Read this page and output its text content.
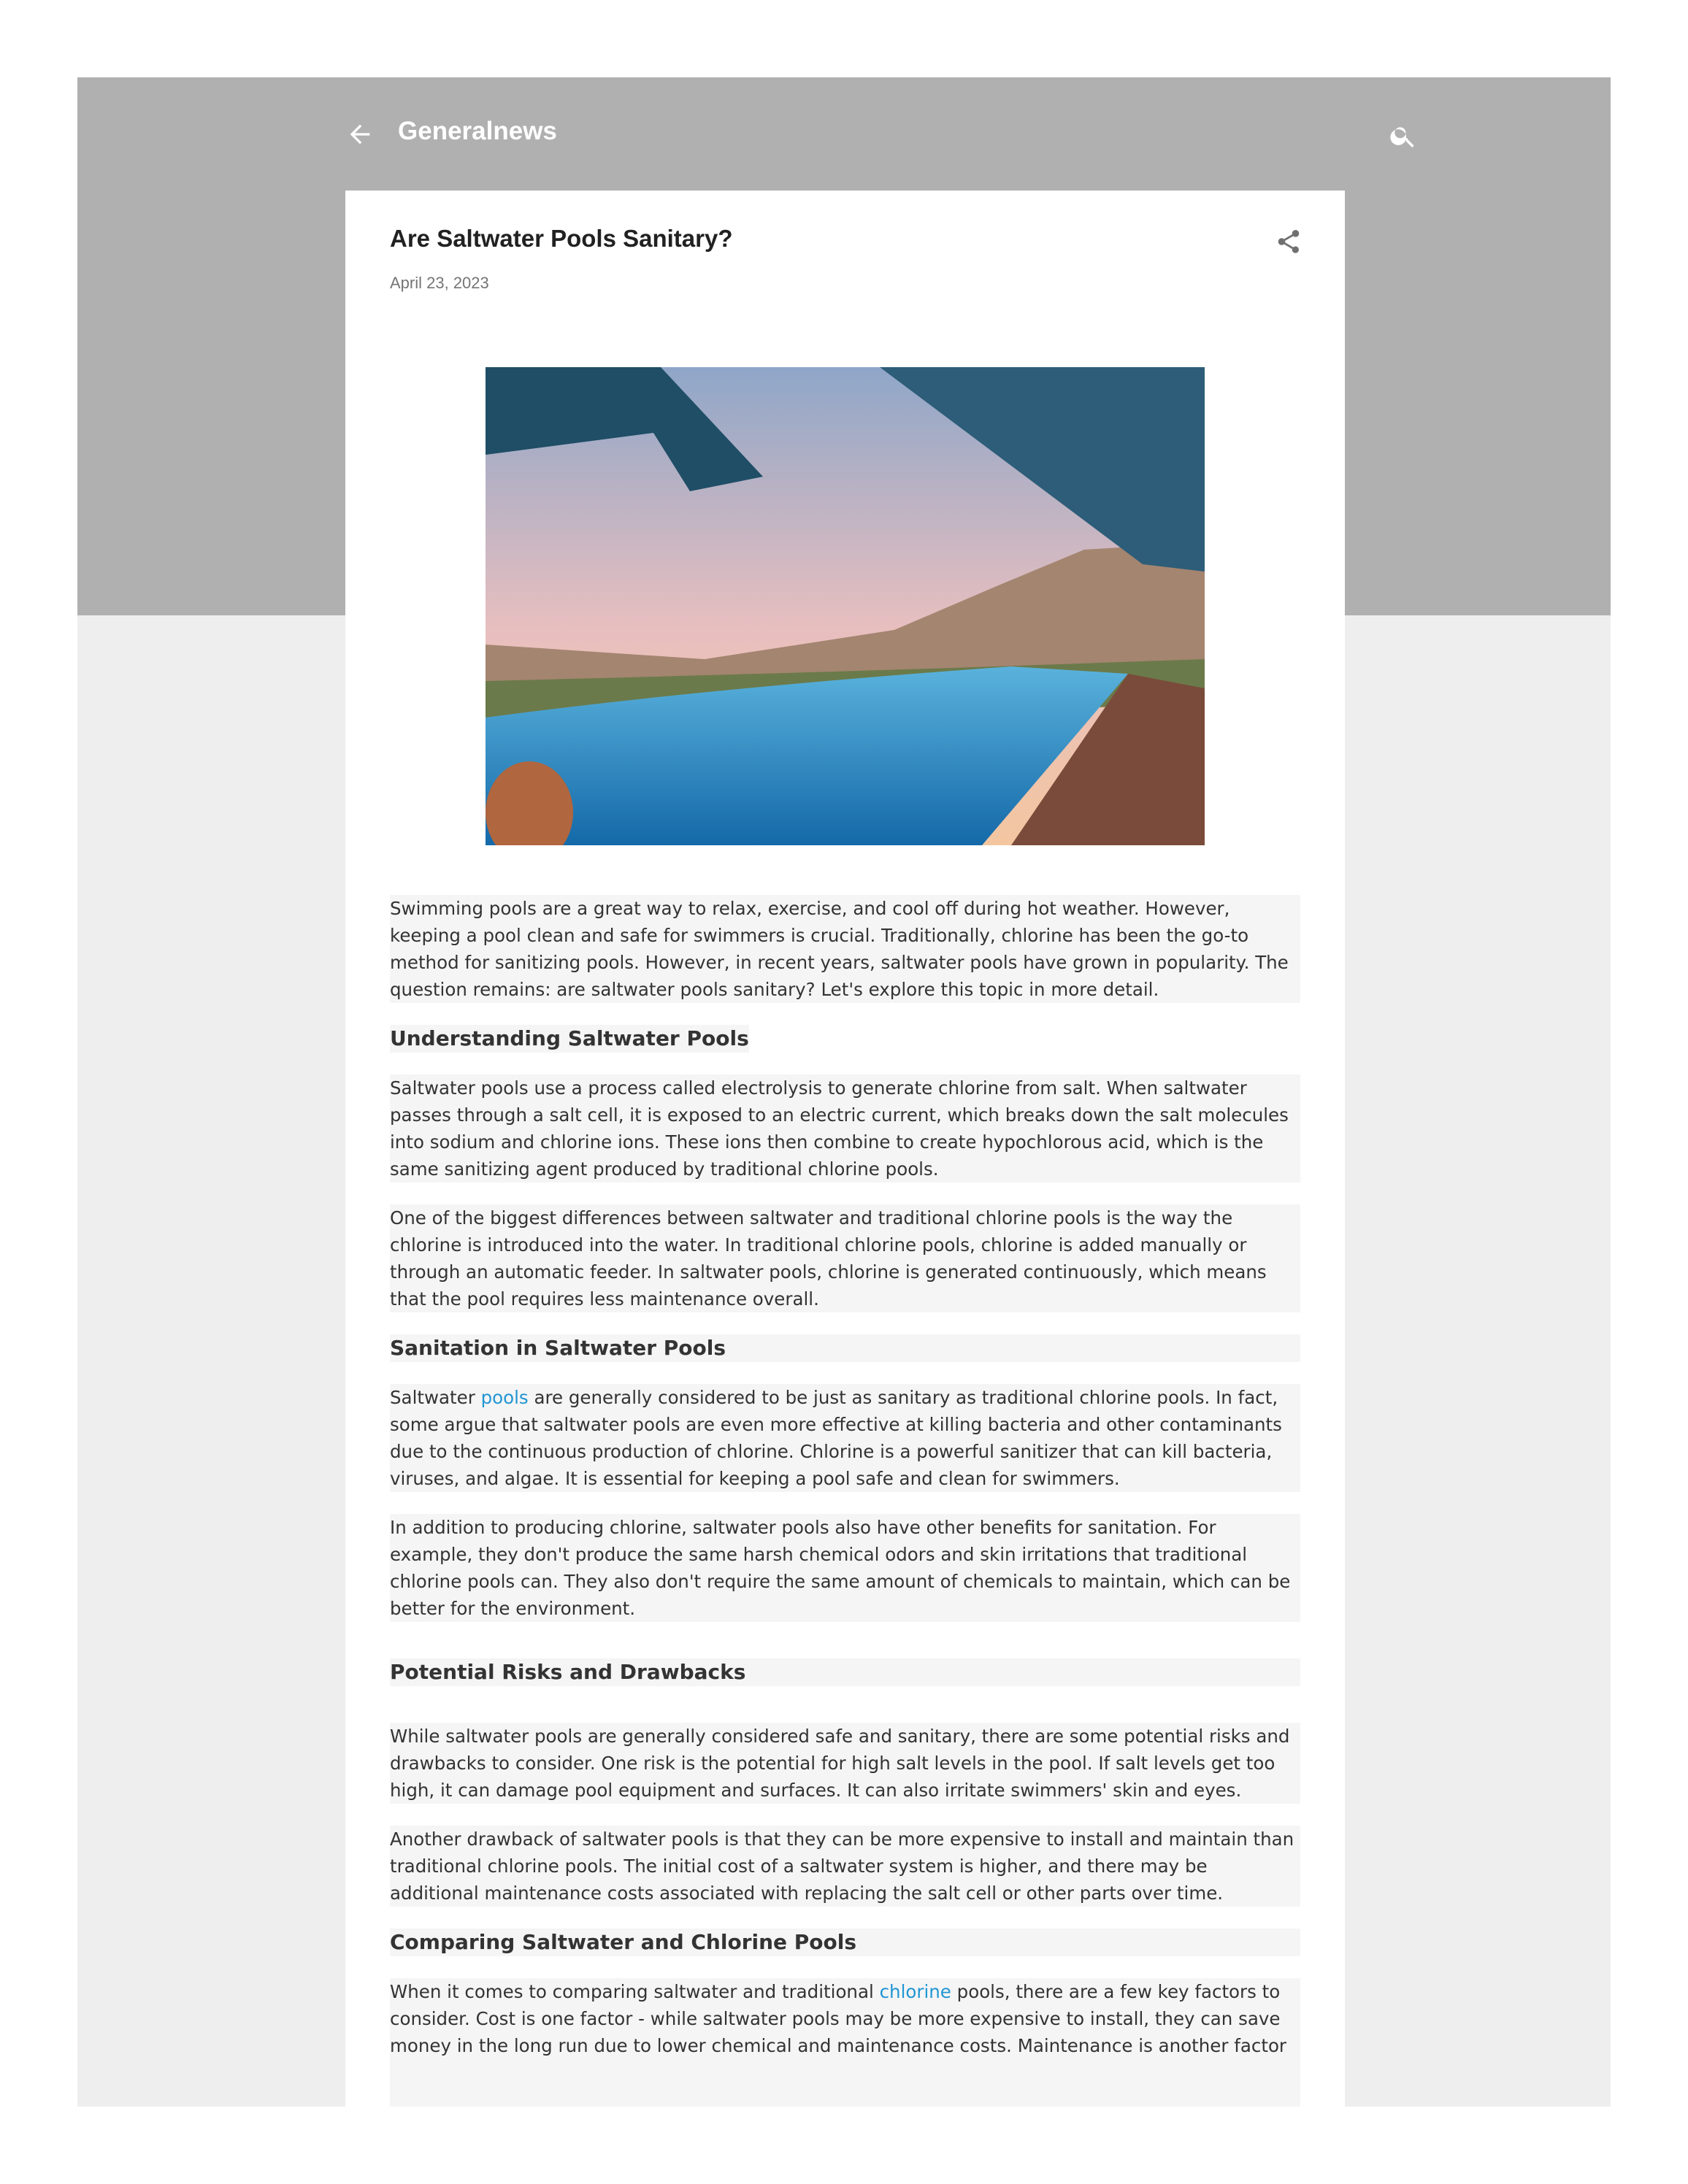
Generalnews
Are Saltwater Pools Sanitary?
April 23, 2023

Swimming pools are a great way to relax, exercise, and cool off during hot weather. However, keeping a pool clean and safe for swimmers is crucial. Traditionally, chlorine has been the go-to method for sanitizing pools. However, in recent years, saltwater pools have grown in popularity. The question remains: are saltwater pools sanitary? Let's explore this topic in more detail.

Understanding Saltwater Pools

Saltwater pools use a process called electrolysis to generate chlorine from salt. When saltwater passes through a salt cell, it is exposed to an electric current, which breaks down the salt molecules into sodium and chlorine ions. These ions then combine to create hypochlorous acid, which is the same sanitizing agent produced by traditional chlorine pools.

One of the biggest differences between saltwater and traditional chlorine pools is the way the chlorine is introduced into the water. In traditional chlorine pools, chlorine is added manually or through an automatic feeder. In saltwater pools, chlorine is generated continuously, which means that the pool requires less maintenance overall.

Sanitation in Saltwater Pools

Saltwater pools are generally considered to be just as sanitary as traditional chlorine pools. In fact, some argue that saltwater pools are even more effective at killing bacteria and other contaminants due to the continuous production of chlorine. Chlorine is a powerful sanitizer that can kill bacteria, viruses, and algae. It is essential for keeping a pool safe and clean for swimmers.

In addition to producing chlorine, saltwater pools also have other benefits for sanitation. For example, they don't produce the same harsh chemical odors and skin irritations that traditional chlorine pools can. They also don't require the same amount of chemicals to maintain, which can be better for the environment.

Potential Risks and Drawbacks

While saltwater pools are generally considered safe and sanitary, there are some potential risks and drawbacks to consider. One risk is the potential for high salt levels in the pool. If salt levels get too high, it can damage pool equipment and surfaces. It can also irritate swimmers' skin and eyes.

Another drawback of saltwater pools is that they can be more expensive to install and maintain than traditional chlorine pools. The initial cost of a saltwater system is higher, and there may be additional maintenance costs associated with replacing the salt cell or other parts over time.

Comparing Saltwater and Chlorine Pools

When it comes to comparing saltwater and traditional chlorine pools, there are a few key factors to consider. Cost is one factor - while saltwater pools may be more expensive to install, they can save money in the long run due to lower chemical and maintenance costs. Maintenance is another factor
